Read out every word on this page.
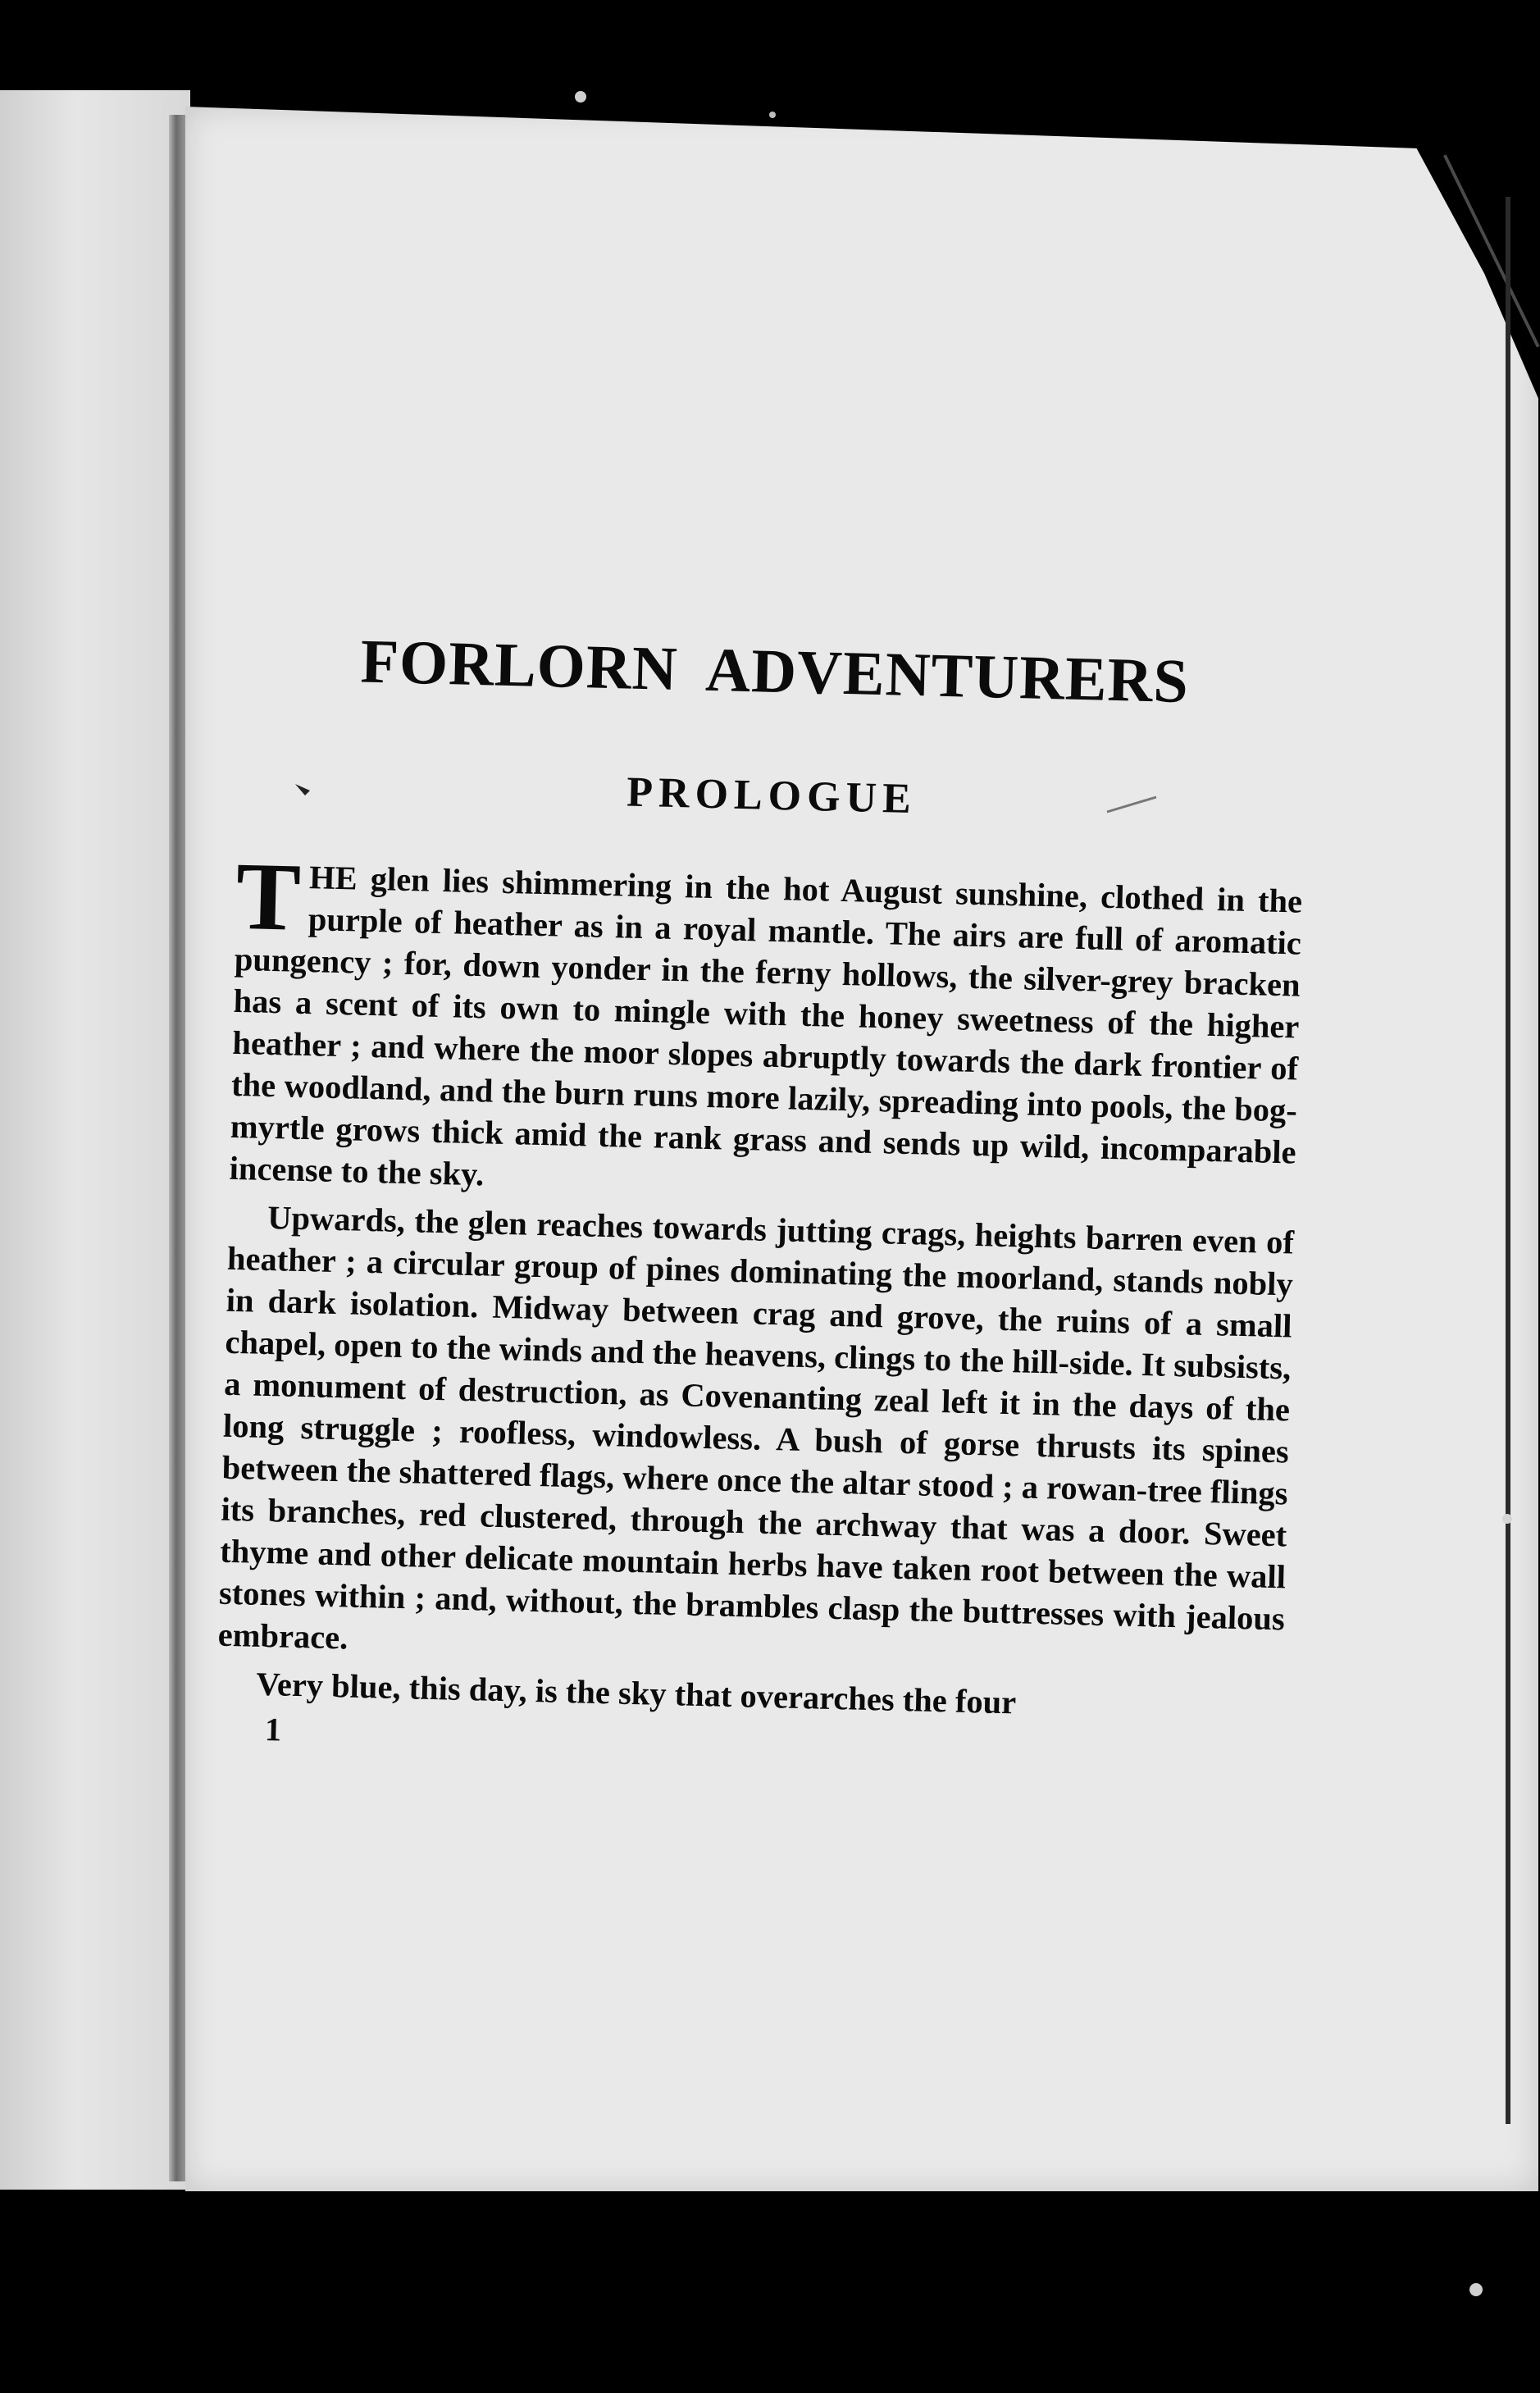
FORLORN ADVENTURERS
PROLOGUE

THE glen lies shimmering in the hot August sunshine, clothed in the purple of heather as in a royal mantle. The airs are full of aromatic pungency ; for, down yonder in the ferny hollows, the silver-grey bracken has a scent of its own to mingle with the honey sweetness of the higher heather ; and where the moor slopes abruptly towards the dark frontier of the woodland, and the burn runs more lazily, spreading into pools, the bog-myrtle grows thick amid the rank grass and sends up wild, incomparable incense to the sky.

Upwards, the glen reaches towards jutting crags, heights barren even of heather ; a circular group of pines dominating the moorland, stands nobly in dark isolation. Midway between crag and grove, the ruins of a small chapel, open to the winds and the heavens, clings to the hill-side. It subsists, a monument of destruction, as Covenanting zeal left it in the days of the long struggle ; roofless, windowless. A bush of gorse thrusts its spines between the shattered flags, where once the altar stood ; a rowan-tree flings its branches, red clustered, through the archway that was a door. Sweet thyme and other delicate mountain herbs have taken root between the wall stones within ; and, without, the brambles clasp the buttresses with jealous embrace.

Very blue, this day, is the sky that overarches the four

1
